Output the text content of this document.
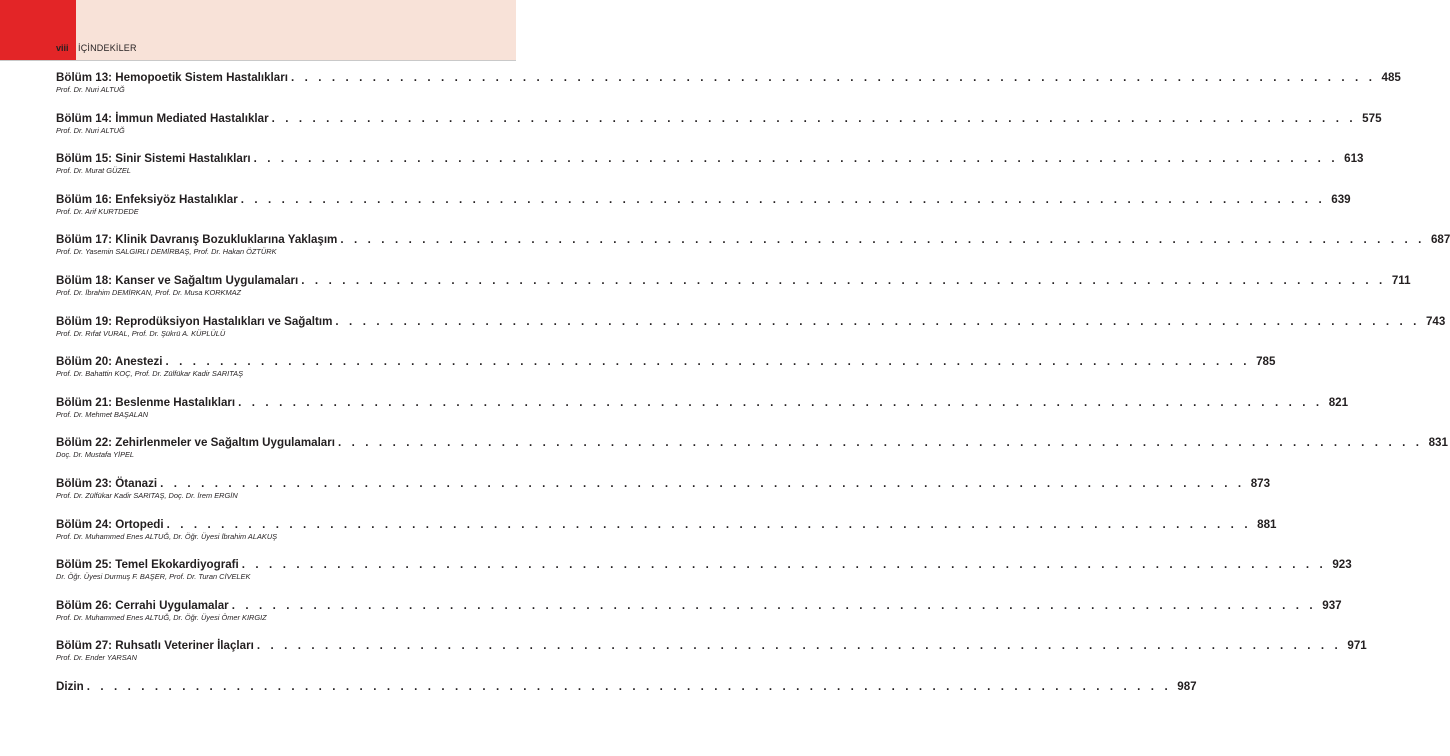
viii İÇİNDEKİLER
Bölüm 13: Hemopoetik Sistem Hastalıkları . . . . . . . . . . . . . . . . . . . . . . . . . . . . . . . . . . . . . . . . . . . . . . . . . . . . . . . . . . . . . . . . . . . . . . . . . . . . . . . . 485
Prof. Dr. Nuri ALTUĞ
Bölüm 14: İmmun Mediated Hastalıklar . . . . . . . . . . . . . . . . . . . . . . . . . . . . . . . . . . . . . . . . . . . . . . . . . . . . . . . . . . . . . . . . . . . . . . . . . . . . . . . . 575
Prof. Dr. Nuri ALTUĞ
Bölüm 15: Sinir Sistemi Hastalıkları . . . . . . . . . . . . . . . . . . . . . . . . . . . . . . . . . . . . . . . . . . . . . . . . . . . . . . . . . . . . . . . . . . . . . . . . . . . . . . . . 613
Prof. Dr. Murat GÜZEL
Bölüm 16: Enfeksiyöz Hastalıklar . . . . . . . . . . . . . . . . . . . . . . . . . . . . . . . . . . . . . . . . . . . . . . . . . . . . . . . . . . . . . . . . . . . . . . . . . . . . . . . . 639
Prof. Dr. Arif KURTDEDE
Bölüm 17: Klinik Davranış Bozukluklarına Yaklaşım . . . . . . . . . . . . . . . . . . . . . . . . . . . . . . . . . . . . . . . . . . . . . . . . . . . . . . . . . . . . . . . . . . . . . . . . . . . . . . . . 687
Prof. Dr. Yasemin SALGIRLI DEMİRBAŞ, Prof. Dr. Hakan ÖZTÜRK
Bölüm 18: Kanser ve Sağaltım Uygulamaları . . . . . . . . . . . . . . . . . . . . . . . . . . . . . . . . . . . . . . . . . . . . . . . . . . . . . . . . . . . . . . . . . . . . . . . . . . . . . . . . 711
Prof. Dr. İbrahim DEMİRKAN, Prof. Dr. Musa KORKMAZ
Bölüm 19: Reprodüksiyon Hastalıkları ve Sağaltım . . . . . . . . . . . . . . . . . . . . . . . . . . . . . . . . . . . . . . . . . . . . . . . . . . . . . . . . . . . . . . . . . . . . . . . . . . . . . . . . 743
Prof. Dr. Rıfat VURAL, Prof. Dr. Şükrü A. KÜPLÜLÜ
Bölüm 20: Anestezi . . . . . . . . . . . . . . . . . . . . . . . . . . . . . . . . . . . . . . . . . . . . . . . . . . . . . . . . . . . . . . . . . . . . . . . . . . . . . . . . 785
Prof. Dr. Bahattin KOÇ, Prof. Dr. Zülfükar Kadir SARITAŞ
Bölüm 21: Beslenme Hastalıkları . . . . . . . . . . . . . . . . . . . . . . . . . . . . . . . . . . . . . . . . . . . . . . . . . . . . . . . . . . . . . . . . . . . . . . . . . . . . . . . . 821
Prof. Dr. Mehmet BAŞALAN
Bölüm 22: Zehirlenmeler ve Sağaltım Uygulamaları . . . . . . . . . . . . . . . . . . . . . . . . . . . . . . . . . . . . . . . . . . . . . . . . . . . . . . . . . . . . . . . . . . . . . . . . . . . . . . . . 831
Doç. Dr. Mustafa YİPEL
Bölüm 23: Ötanazi . . . . . . . . . . . . . . . . . . . . . . . . . . . . . . . . . . . . . . . . . . . . . . . . . . . . . . . . . . . . . . . . . . . . . . . . . . . . . . . . 873
Prof. Dr. Zülfükar Kadir SARITAŞ, Doç. Dr. İrem ERGİN
Bölüm 24: Ortopedi . . . . . . . . . . . . . . . . . . . . . . . . . . . . . . . . . . . . . . . . . . . . . . . . . . . . . . . . . . . . . . . . . . . . . . . . . . . . . . . . 881
Prof. Dr. Muhammed Enes ALTUĞ, Dr. Öğr. Üyesi İbrahim ALAKUŞ
Bölüm 25: Temel Ekokardiyografi . . . . . . . . . . . . . . . . . . . . . . . . . . . . . . . . . . . . . . . . . . . . . . . . . . . . . . . . . . . . . . . . . . . . . . . . . . . . . . . . 923
Dr. Öğr. Üyesi Durmuş F. BAŞER, Prof. Dr. Turan CİVELEK
Bölüm 26: Cerrahi Uygulamalar . . . . . . . . . . . . . . . . . . . . . . . . . . . . . . . . . . . . . . . . . . . . . . . . . . . . . . . . . . . . . . . . . . . . . . . . . . . . . . . . 937
Prof. Dr. Muhammed Enes ALTUĞ, Dr. Öğr. Üyesi Ömer KIRGIZ
Bölüm 27: Ruhsatlı Veteriner İlaçları . . . . . . . . . . . . . . . . . . . . . . . . . . . . . . . . . . . . . . . . . . . . . . . . . . . . . . . . . . . . . . . . . . . . . . . . . . . . . . . . 971
Prof. Dr. Ender YARSAN
Dizin . . . . . . . . . . . . . . . . . . . . . . . . . . . . . . . . . . . . . . . . . . . . . . . . . . . . . . . . . . . . . . . . . . . . . . . . . . . . . . . . 987
